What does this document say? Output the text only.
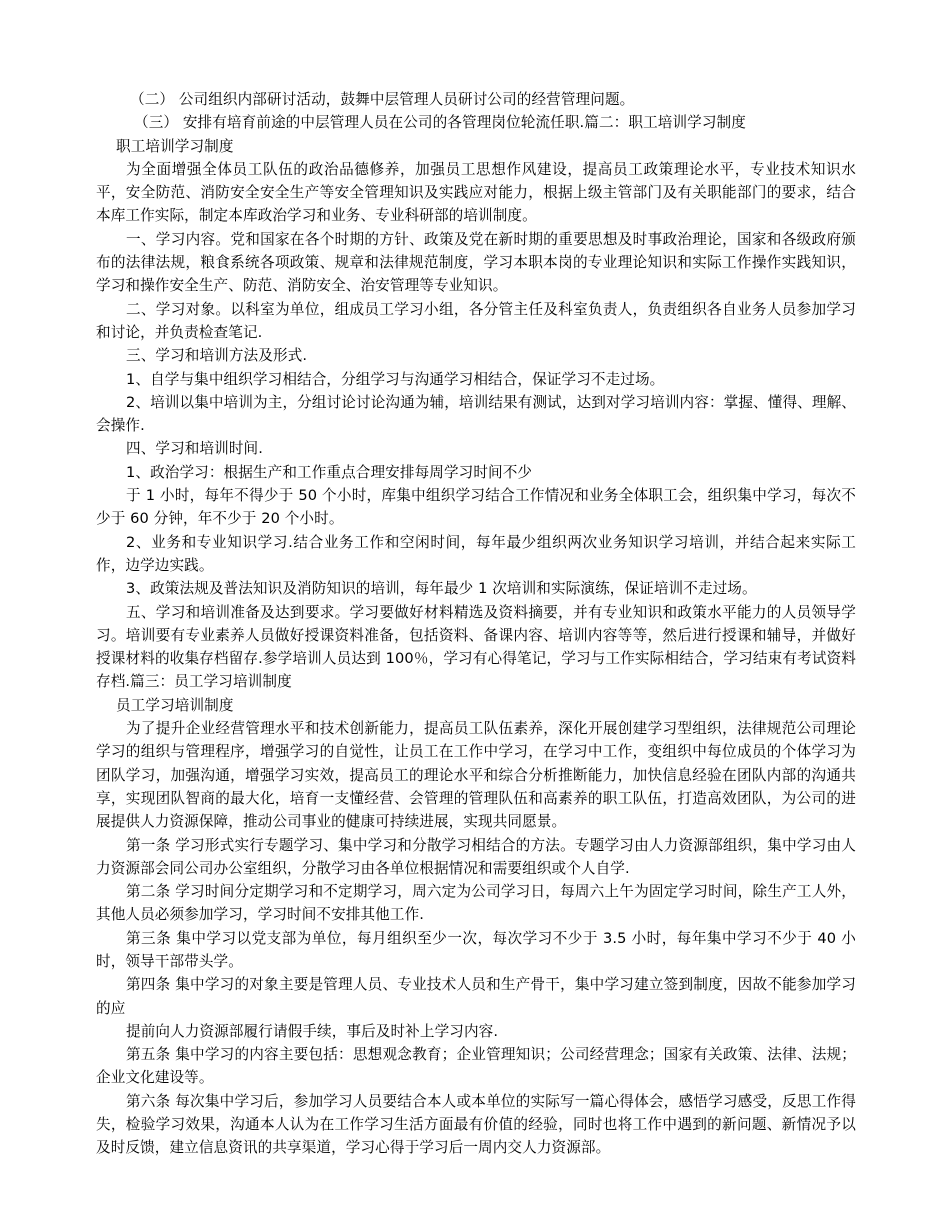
（二） 公司组织内部研讨活动，鼓舞中层管理人员研讨公司的经营管理问题。

（三） 安排有培育前途的中层管理人员在公司的各管理岗位轮流任职.篇二：职工培训学习制度

职工培训学习制度

为全面增强全体员工队伍的政治品德修养，加强员工思想作风建设，提高员工政策理论水平，专业技术知识水平，安全防范、消防安全安全生产等安全管理知识及实践应对能力，根据上级主管部门及有关职能部门的要求，结合本库工作实际，制定本库政治学习和业务、专业科研部的培训制度。

一、学习内容。党和国家在各个时期的方针、政策及党在新时期的重要思想及时事政治理论，国家和各级政府颁布的法律法规，粮食系统各项政策、规章和法律规范制度，学习本职本岗的专业理论知识和实际工作操作实践知识，学习和操作安全生产、防范、消防安全、治安管理等专业知识。

二、学习对象。以科室为单位，组成员工学习小组，各分管主任及科室负责人，负责组织各自业务人员参加学习和讨论，并负责检查笔记.

三、学习和培训方法及形式.

1、自学与集中组织学习相结合，分组学习与沟通学习相结合，保证学习不走过场。

2、培训以集中培训为主，分组讨论讨论沟通为辅，培训结果有测试，达到对学习培训内容：掌握、懂得、理解、会操作.

四、学习和培训时间.

1、政治学习：根据生产和工作重点合理安排每周学习时间不少

于 1 小时，每年不得少于 50 个小时，库集中组织学习结合工作情况和业务全体职工会，组织集中学习，每次不少于 60 分钟，年不少于 20 个小时。

2、业务和专业知识学习.结合业务工作和空闲时间，每年最少组织两次业务知识学习培训，并结合起来实际工作，边学边实践。

3、政策法规及普法知识及消防知识的培训，每年最少 1 次培训和实际演练，保证培训不走过场。

五、学习和培训准备及达到要求。学习要做好材料精选及资料摘要，并有专业知识和政策水平能力的人员领导学习。培训要有专业素养人员做好授课资料准备，包括资料、备课内容、培训内容等等，然后进行授课和辅导，并做好授课材料的收集存档留存.参学培训人员达到 100％，学习有心得笔记，学习与工作实际相结合，学习结束有考试资料存档.篇三：员工学习培训制度

员工学习培训制度

为了提升企业经营管理水平和技术创新能力，提高员工队伍素养，深化开展创建学习型组织，法律规范公司理论学习的组织与管理程序，增强学习的自觉性，让员工在工作中学习，在学习中工作，变组织中每位成员的个体学习为团队学习，加强沟通，增强学习实效，提高员工的理论水平和综合分析推断能力，加快信息经验在团队内部的沟通共享，实现团队智商的最大化，培育一支懂经营、会管理的管理队伍和高素养的职工队伍，打造高效团队，为公司的进展提供人力资源保障，推动公司事业的健康可持续进展，实现共同愿景。

第一条 学习形式实行专题学习、集中学习和分散学习相结合的方法。专题学习由人力资源部组织，集中学习由人力资源部会同公司办公室组织，分散学习由各单位根据情况和需要组织或个人自学.

第二条 学习时间分定期学习和不定期学习，周六定为公司学习日，每周六上午为固定学习时间，除生产工人外，其他人员必须参加学习，学习时间不安排其他工作.

第三条 集中学习以党支部为单位，每月组织至少一次，每次学习不少于 3.5 小时，每年集中学习不少于 40 小时，领导干部带头学。

第四条 集中学习的对象主要是管理人员、专业技术人员和生产骨干，集中学习建立签到制度，因故不能参加学习的应

提前向人力资源部履行请假手续，事后及时补上学习内容.

第五条 集中学习的内容主要包括：思想观念教育；企业管理知识；公司经营理念；国家有关政策、法律、法规；企业文化建设等。

第六条 每次集中学习后，参加学习人员要结合本人或本单位的实际写一篇心得体会，感悟学习感受，反思工作得失，检验学习效果，沟通本人认为在工作学习生活方面最有价值的经验，同时也将工作中遇到的新问题、新情况予以及时反馈，建立信息资讯的共享渠道，学习心得于学习后一周内交人力资源部。
